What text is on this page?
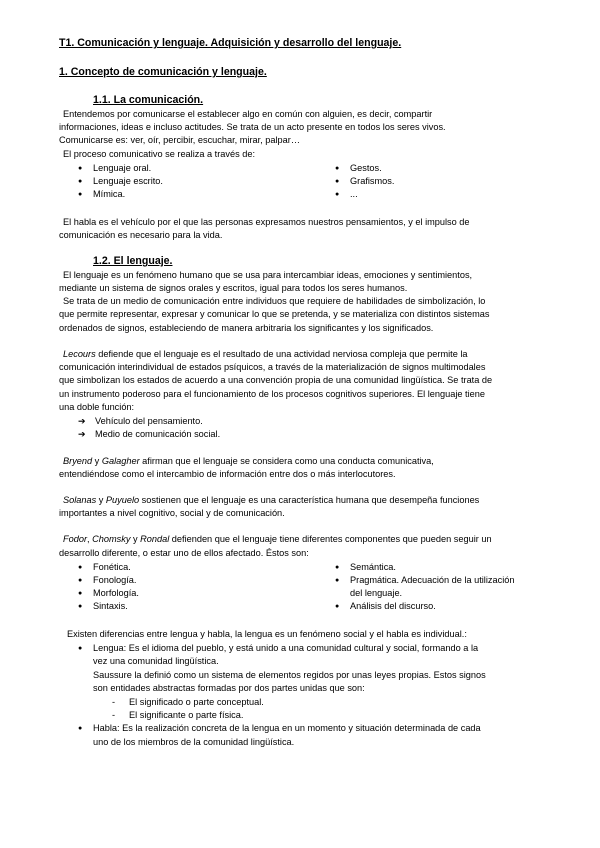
T1. Comunicación y lenguaje. Adquisición y desarrollo del lenguaje.
1. Concepto de comunicación y lenguaje.
1.1. La comunicación.
Entendemos por comunicarse el establecer algo en común con alguien, es decir, compartir
informaciones, ideas e incluso actitudes. Se trata de un acto presente en todos los seres vivos.
Comunicarse es: ver, oír, percibir, escuchar, mirar, palpar…
El proceso comunicativo se realiza a través de:
● Lenguaje oral.
● Lenguaje escrito.
● Mímica.
● Gestos.
● Grafismos.
● ...
El habla es el vehículo por el que las personas expresamos nuestros pensamientos, y el impulso de
comunicación es necesario para la vida.
1.2. El lenguaje.
El lenguaje es un fenómeno humano que se usa para intercambiar ideas, emociones y sentimientos,
mediante un sistema de signos orales y escritos, igual para todos los seres humanos.
Se trata de un medio de comunicación entre individuos que requiere de habilidades de simbolización, lo
que permite representar, expresar y comunicar lo que se pretenda, y se materializa con distintos sistemas
ordenados de signos, estableciendo de manera arbitraria los significantes y los significados.
Lecours defiende que el lenguaje es el resultado de una actividad nerviosa compleja que permite la
comunicación interindividual de estados psíquicos, a través de la materialización de signos multimodales
que simbolizan los estados de acuerdo a una convención propia de una comunidad lingüística. Se trata de
un instrumento poderoso para el funcionamiento de los procesos cognitivos superiores. El lenguaje tiene
una doble función:
➔ Vehículo del pensamiento.
➔ Medio de comunicación social.
Bryend y Galagher afirman que el lenguaje se considera como una conducta comunicativa,
entendiéndose como el intercambio de información entre dos o más interlocutores.
Solanas y Puyuelo sostienen que el lenguaje es una característica humana que desempeña funciones
importantes a nivel cognitivo, social y de comunicación.
Fodor, Chomsky y Rondal defienden que el lenguaje tiene diferentes componentes que pueden seguir un
desarrollo diferente, o estar uno de ellos afectado. Éstos son:
● Fonética.
● Fonología.
● Morfología.
● Sintaxis.
● Semántica.
● Pragmática. Adecuación de la utilización
del lenguaje.
● Análisis del discurso.
Existen diferencias entre lengua y habla, la lengua es un fenómeno social y el habla es individual.:
● Lengua: Es el idioma del pueblo, y está unido a una comunidad cultural y social, formando a la
vez una comunidad lingüística.
Saussure la definió como un sistema de elementos regidos por unas leyes propias. Estos signos
son entidades abstractas formadas por dos partes unidas que son:
- El significado o parte conceptual.
- El significante o parte física.
● Habla: Es la realización concreta de la lengua en un momento y situación determinada de cada
uno de los miembros de la comunidad lingüística.
